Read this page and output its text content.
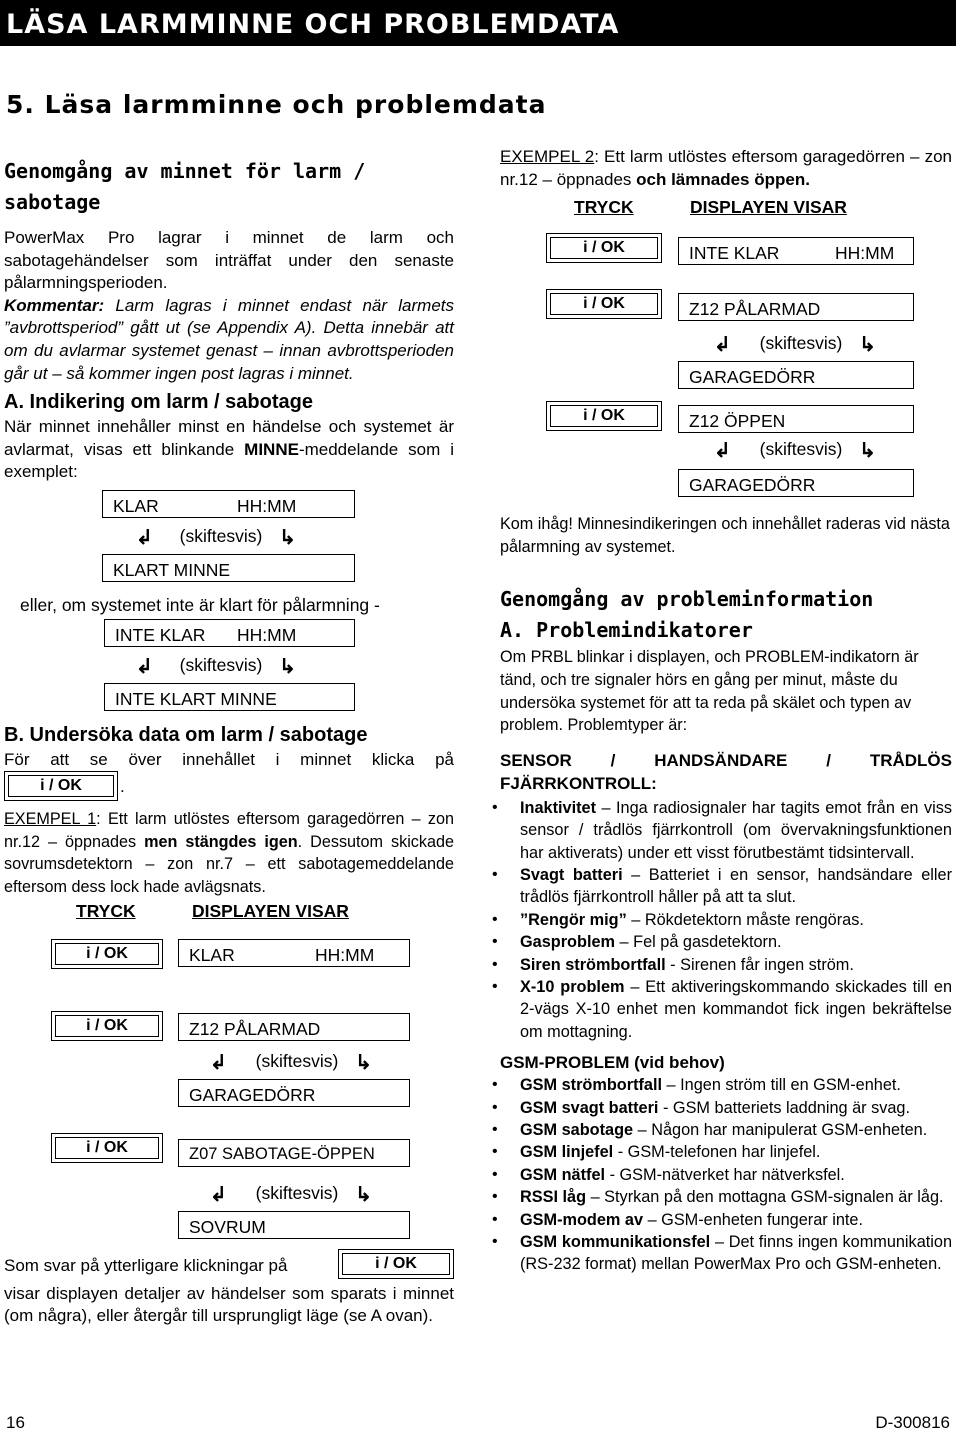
LÄSA LARMMINNE OCH PROBLEMDATA
5. Läsa larmminne och problemdata
Genomgång av minnet för larm /
sabotage

PowerMax Pro lagrar i minnet de larm och sabotagehändelser som inträffat under den senaste pålarmningsperioden.

Kommentar: Larm lagras i minnet endast när larmets ”avbrottsperiod” gått ut (se Appendix A). Detta innebär att om du avlarmar systemet genast – innan avbrottsperioden går ut – så kommer ingen post lagras i minnet.

A. Indikering om larm / sabotage

När minnet innehåller minst en händelse och systemet är avlarmat, visas ett blinkande MINNE-meddelande som i exemplet:

KLAR	HH:MM
↲ (skiftesvis) ↳
KLART MINNE
eller, om systemet inte är klart för pålarmning -
INTE KLAR HH:MM
↲ (skiftesvis) ↳
INTE KLART MINNE
B. Undersöka data om larm / sabotage
För att se över innehållet i minnet klicka på
i / OK	.

EXEMPEL 1: Ett larm utlöstes eftersom garagedörren – zon nr.12 – öppnades men stängdes igen. Dessutom skickade sovrumsdetektorn – zon nr.7 – ett sabotagemeddelande eftersom dess lock hade avlägsnats.

TRYCK	DISPLAYEN VISAR
i / OK	KLAR	HH:MM
i / OK	Z12 PÅLARMAD
↲ (skiftesvis) ↳
GARAGEDÖRR
i / OK	Z07 SABOTAGE-ÖPPEN
↲ (skiftesvis) ↳
SOVRUM
Som svar på ytterligare klickningar på	i / OK

visar displayen detaljer av händelser som sparats i minnet (om några), eller återgår till ursprungligt läge (se A ovan).

EXEMPEL 2: Ett larm utlöstes eftersom garagedörren – zon nr.12 – öppnades och lämnades öppen.

TRYCK	DISPLAYEN VISAR
i / OK	INTE KLAR	HH:MM
i / OK	Z12 PÅLARMAD
↲ (skiftesvis) ↳
GARAGEDÖRR
i / OK	Z12 ÖPPEN
↲ (skiftesvis) ↳
GARAGEDÖRR

Kom ihåg! Minnesindikeringen och innehållet raderas vid nästa pålarmning av systemet.

Genomgång av probleminformation
A. Problemindikatorer

Om PRBL blinkar i displayen, och PROBLEM-indikatorn är tänd, och tre signaler hörs en gång per minut, måste du undersöka systemet för att ta reda på skälet och typen av problem. Problemtyper är:

SENSOR / HANDSÄNDARE / TRÅDLÖS FJÄRRKONTROLL:
• Inaktivitet – Inga radiosignaler har tagits emot från en viss sensor / trådlös fjärrkontroll (om övervakningsfunktionen har aktiverats) under ett visst förutbestämt tidsintervall.
• Svagt batteri – Batteriet i en sensor, handsändare eller trådlös fjärrkontroll håller på att ta slut.
• ”Rengör mig” – Rökdetektorn måste rengöras.
• Gasproblem – Fel på gasdetektorn.
• Siren strömbortfall - Sirenen får ingen ström.
• X-10 problem – Ett aktiveringskommando skickades till en 2-vägs X-10 enhet men kommandot fick ingen bekräftelse om mottagning.
GSM-PROBLEM (vid behov)
• GSM strömbortfall – Ingen ström till en GSM-enhet.
• GSM svagt batteri - GSM batteriets laddning är svag.
• GSM sabotage – Någon har manipulerat GSM-enheten.
• GSM linjefel - GSM-telefonen har linjefel.
• GSM nätfel - GSM-nätverket har nätverksfel.
• RSSI låg – Styrkan på den mottagna GSM-signalen är låg.
• GSM-modem av – GSM-enheten fungerar inte.
• GSM kommunikationsfel – Det finns ingen kommunikation (RS-232 format) mellan PowerMax Pro och GSM-enheten.
16	D-300816
